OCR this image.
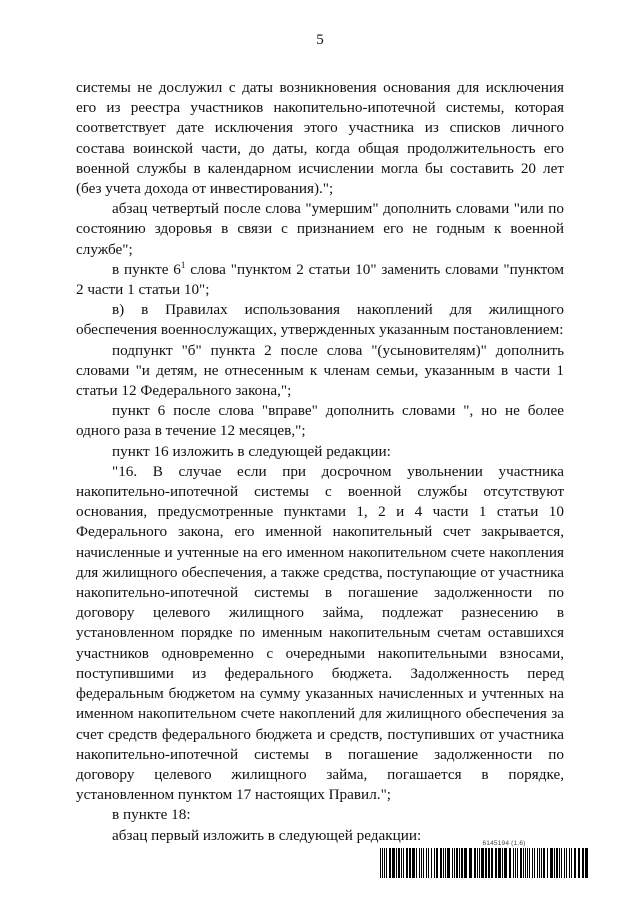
5

системы не дослужил с даты возникновения основания для исключения его из реестра участников накопительно-ипотечной системы, которая соответствует дате исключения этого участника из списков личного состава воинской части, до даты, когда общая продолжительность его военной службы в календарном исчислении могла бы составить 20 лет (без учета дохода от инвестирования).";

абзац четвертый после слова "умершим" дополнить словами "или по состоянию здоровья в связи с признанием его не годным к военной службе";

в пункте $6^1$ слова "пунктом 2 статьи 10" заменить словами "пунктом 2 части 1 статьи 10";

в) в Правилах использования накоплений для жилищного обеспечения военнослужащих, утвержденных указанным постановлением:

подпункт "б" пункта 2 после слова "(усыновителям)" дополнить словами "и детям, не отнесенным к членам семьи, указанным в части 1 статьи 12 Федерального закона,";

пункт 6 после слова "вправе" дополнить словами ", но не более одного раза в течение 12 месяцев,";

пункт 16 изложить в следующей редакции:

"16. В случае если при досрочном увольнении участника накопительно-ипотечной системы с военной службы отсутствуют основания, предусмотренные пунктами 1, 2 и 4 части 1 статьи 10 Федерального закона, его именной накопительный счет закрывается, начисленные и учтенные на его именном накопительном счете накопления для жилищного обеспечения, а также средства, поступающие от участника накопительно-ипотечной системы в погашение задолженности по договору целевого жилищного займа, подлежат разнесению в установленном порядке по именным накопительным счетам оставшихся участников одновременно с очередными накопительными взносами, поступившими из федерального бюджета. Задолженность перед федеральным бюджетом на сумму указанных начисленных и учтенных на именном накопительном счете накоплений для жилищного обеспечения за счет средств федерального бюджета и средств, поступивших от участника накопительно-ипотечной системы в погашение задолженности по договору целевого жилищного займа, погашается в порядке, установленном пунктом 17 настоящих Правил.";

в пункте 18:

абзац первый изложить в следующей редакции:	6145194 (1.6)
